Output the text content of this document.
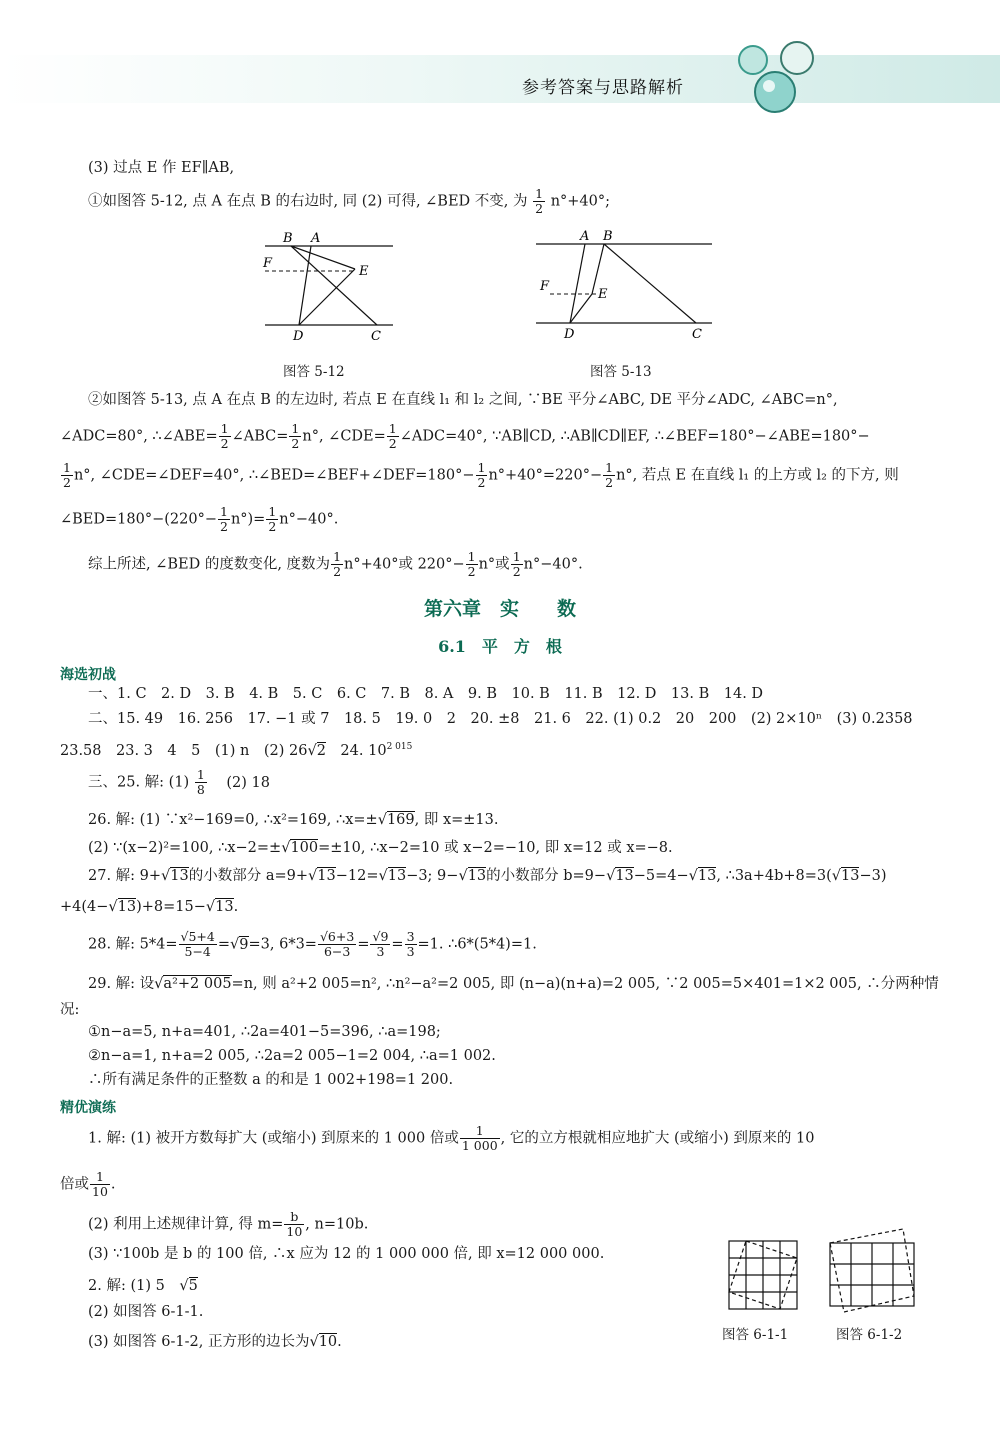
参考答案与思路解析
(3) 过点 E 作 EF∥AB,
①如图答 5-12, 点 A 在点 B 的右边时, 同 (2) 可得, ∠BED 不变, 为 $\frac{1}{2} n^\circ+40^\circ$;
B A
F
E
D	C
图答 5-12
A B
F
E
D	C
图答 5-13
②如图答 5-13, 点 A 在点 B 的左边时, 若点 E 在直线 l₁ 和 l₂ 之间, ∵BE 平分∠ABC, DE 平分∠ADC, ∠ABC=n°,
∠ADC=80°, ∴∠ABE= $\frac{1}{2}$ ∠ABC= $\frac{1}{2} n^\circ$, ∠CDE= $\frac{1}{2}$ ∠ADC=40°, ∵AB∥CD, ∴AB∥CD∥EF, ∴∠BEF=180°−∠ABE=180°−
$\frac{1}{2} n^\circ$, ∠CDE=∠DEF=40°, ∴∠BED=∠BEF+∠DEF=180°− $\frac{1}{2} n^\circ+40^\circ=220^\circ- \frac{1}{2} n^\circ$, 若点 E 在直线 l₁ 的上方或 l₂ 的下方, 则
∠BED=180°−(220°− $\frac{1}{2} n^\circ)= \frac{1}{2} n^\circ-40^\circ$.
综上所述, ∠BED 的度数变化, 度数为 $\frac{1}{2} n^\circ+40^\circ$或 $220^\circ- \frac{1}{2} n^\circ$或 $\frac{1}{2} n^\circ-40^\circ$.
第六章　实　　数
6.1　平　方　根
海选初战
一、1. C　2. D　3. B　4. B　5. C　6. C　7. B　8. A　9. B　10. B　11. B　12. D　13. B　14. D
二、15. 49　16. 256　17. −1 或 7　18. 5　19. 0　2　20. ±8　21. 6　22. (1) 0.2　20　200　(2) 2×10ⁿ　(3) 0.2358
23.58　23. 3　4　5　(1) n　(2) 26√2　24. $10^{2 015}$
三、25. 解: $(1) \frac{1}{8} (2)$ 18
26. 解: (1) ∵x²−169=0, ∴x²=169, ∴x=±√169, 即 x=±13.
(2) ∵(x−2)²=100, ∴x−2=±√100=±10, ∴x−2=10 或 x−2=−10, 即 x=12 或 x=−8.
27. 解: 9+√13的小数部分 a=9+√13−12=√13−3; 9−√13的小数部分 b=9−√13−5=4−√13, ∴3a+4b+8=3(√13−3)
+4(4−√13)+8=15−√13.
28. 解: $5*4= \frac{√5+4}{5-4} =√9=3$, $6*3= \frac{√6+3}{6-3} = \frac{√9}{3} = \frac{3}{3} =1$. ∴6*(5*4)=1.
29. 解: 设√a²+2 005=n, 则 a²+2 005=n², ∴n²−a²=2 005, 即 (n−a)(n+a)=2 005, ∵2 005=5×401=1×2 005, ∴分两种情
况:
①n−a=5, n+a=401, ∴2a=401−5=396, ∴a=198;
②n−a=1, n+a=2 005, ∴2a=2 005−1=2 004, ∴a=1 002.
∴所有满足条件的正整数 a 的和是 1 002+198=1 200.
精优演练
1. 解: (1) 被开方数每扩大 (或缩小) 到原来的 1 000 倍或 $\frac{1}{1 000}$ , 它的立方根就相应地扩大 (或缩小) 到原来的 10
倍或 $\frac{1}{10}$ .
(2) 利用上述规律计算, 得 $m= \frac{b}{10}$ , n=10b.
(3) ∵100b 是 b 的 100 倍, ∴x 应为 12 的 1 000 000 倍, 即 x=12 000 000.
2. 解: (1) 5　√5
(2) 如图答 6-1-1.
(3) 如图答 6-1-2, 正方形的边长为√10.	图答 6-1-1	图答 6-1-2
